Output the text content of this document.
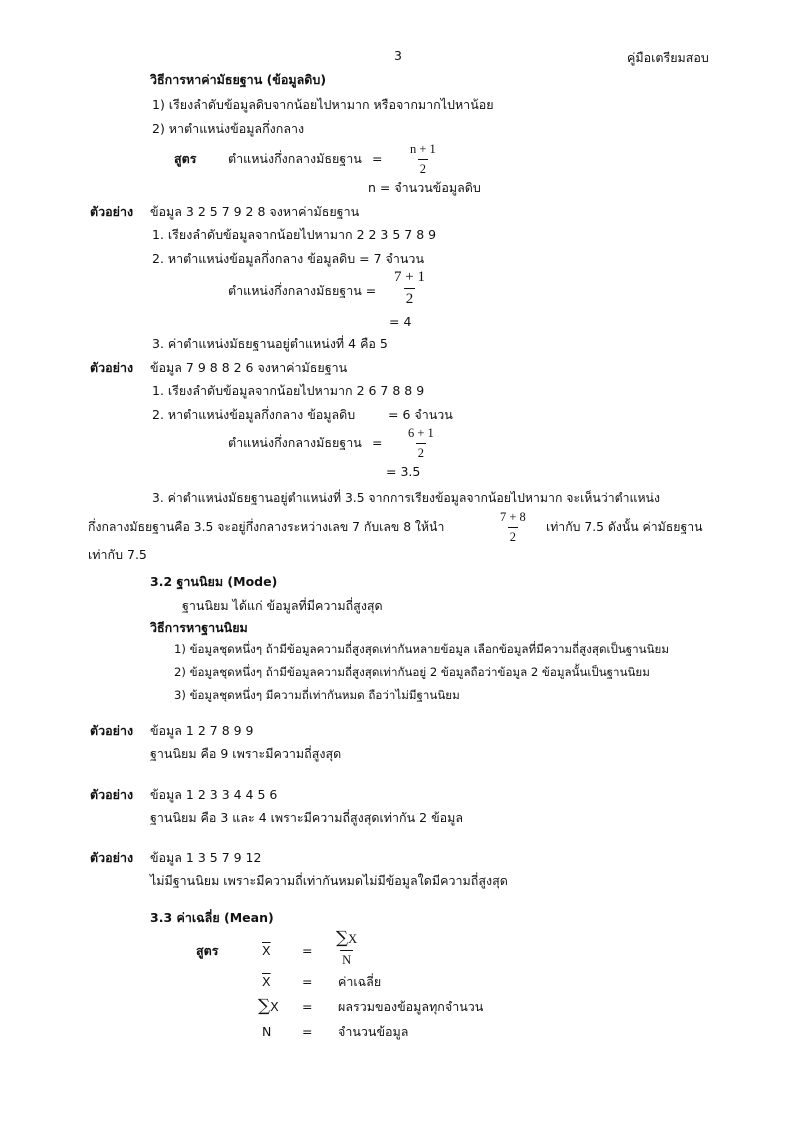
3	คู่มือเตรียมสอบ
วิธีการหาค่ามัธยฐาน (ข้อมูลดิบ)
1) เรียงลำดับข้อมูลดิบจากน้อยไปหามาก หรือจากมากไปหาน้อย
2) หาตำแหน่งข้อมูลกึ่งกลาง
สูตร	ตำแหน่งกึ่งกลางมัธยฐาน = $\frac{n + 1}{2}$
n = จำนวนข้อมูลดิบ
ตัวอย่าง ข้อมูล 3 2 5 7 9 2 8 จงหาค่ามัธยฐาน
1. เรียงลำดับข้อมูลจากน้อยไปหามาก 2 2 3 5 7 8 9
2. หาตำแหน่งข้อมูลกึ่งกลาง ข้อมูลดิบ = 7 จำนวน
ตำแหน่งกึ่งกลางมัธยฐาน = $\frac{7 + 1}{2}$
= 4
3. ค่าตำแหน่งมัธยฐานอยู่ตำแหน่งที่ 4 คือ 5
ตัวอย่าง ข้อมูล 7 9 8 8 2 6 จงหาค่ามัธยฐาน
1. เรียงลำดับข้อมูลจากน้อยไปหามาก 2 6 7 8 8 9
2. หาตำแหน่งข้อมูลกึ่งกลาง ข้อมูลดิบ	= 6 จำนวน
ตำแหน่งกึ่งกลางมัธยฐาน = $\frac{6 + 1}{2}$
= 3.5
3. ค่าตำแหน่งมัธยฐานอยู่ตำแหน่งที่ 3.5 จากการเรียงข้อมูลจากน้อยไปหามาก จะเห็นว่าตำแหน่ง
กึ่งกลางมัธยฐานคือ 3.5 จะอยู่กึ่งกลางระหว่างเลข 7 กับเลข 8 ให้นำ	$\frac{7 + 8}{2}$ เท่ากับ 7.5 ดังนั้น ค่ามัธยฐาน
เท่ากับ 7.5
3.2 ฐานนิยม (Mode)
ฐานนิยม ได้แก่ ข้อมูลที่มีความถี่สูงสุด
วิธีการหาฐานนิยม
1) ข้อมูลชุดหนึ่งๆ ถ้ามีข้อมูลความถี่สูงสุดเท่ากันหลายข้อมูล เลือกข้อมูลที่มีความถี่สูงสุดเป็นฐานนิยม
2) ข้อมูลชุดหนึ่งๆ ถ้ามีข้อมูลความถี่สูงสุดเท่ากันอยู่ 2 ข้อมูลถือว่าข้อมูล 2 ข้อมูลนั้นเป็นฐานนิยม
3) ข้อมูลชุดหนึ่งๆ มีความถี่เท่ากันหมด ถือว่าไม่มีฐานนิยม
ตัวอย่าง ข้อมูล 1 2 7 8 9 9
ฐานนิยม คือ 9 เพราะมีความถี่สูงสุด
ตัวอย่าง ข้อมูล 1 2 3 3 4 4 5 6
ฐานนิยม คือ 3 และ 4 เพราะมีความถี่สูงสุดเท่ากัน 2 ข้อมูล
ตัวอย่าง ข้อมูล 1 3 5 7 9 12
ไม่มีฐานนิยม เพราะมีความถี่เท่ากันหมดไม่มีข้อมูลใดมีความถี่สูงสุด
3.3 ค่าเฉลี่ย (Mean)
สูตร	$\overline{X}$	= $\frac{\sum X}{N}$
$\overline{X}$	= ค่าเฉลี่ย
∑X = ผลรวมของข้อมูลทุกจำนวน
N = จำนวนข้อมูล
